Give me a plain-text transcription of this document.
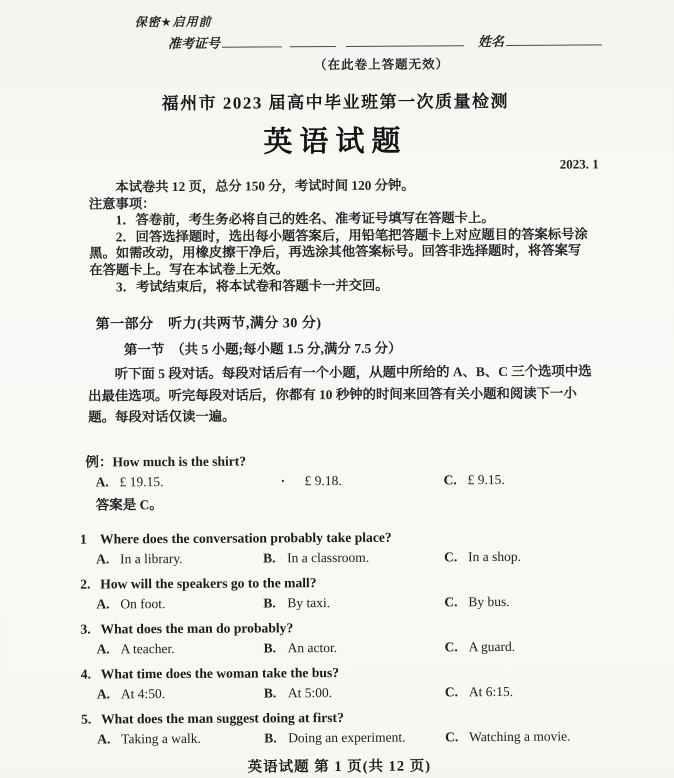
保密★启用前
准考证号	姓名
（在此卷上答题无效）
福州市 2023 届高中毕业班第一次质量检测
英语试题
2023. 1

本试卷共 12 页，总分 150 分，考试时间 120 分钟。

注意事项：

1．答卷前，考生务必将自己的姓名、准考证号填写在答题卡上。

2．回答选择题时，选出每小题答案后，用铅笔把答题卡上对应题目的答案标号涂黑。如需改动，用橡皮擦干净后，再选涂其他答案标号。回答非选择题时，将答案写在答题卡上。写在本试卷上无效。

3．考试结束后，将本试卷和答题卡一并交回。

第一部分　听力(共两节,满分 30 分)

第一节　（共 5 小题;每小题 1.5 分,满分 7.5 分）

听下面 5 段对话。每段对话后有一个小题，从题中所给的 A、B、C 三个选项中选出最佳选项。听完每段对话后，你都有 10 秒钟的时间来回答有关小题和阅读下一小题。每段对话仅读一遍。

例：How much is the shirt?

A. £ 19.15.	· £ 9.18.	C. £ 9.15.

答案是 C。

1 Where does the conversation probably take place?

A. In a library.	B. In a classroom.	C. In a shop.

2. How will the speakers go to the mall?

A. On foot.	B. By taxi.	C. By bus.

3. What does the man do probably?

A. A teacher.	B. An actor.	C. A guard.

4. What time does the woman take the bus?

A. At 4:50.	B. At 5:00.	C. At 6:15.

5. What does the man suggest doing at first?

A. Taking a walk.	B. Doing an experiment.	C. Watching a movie.
英语试题 第 1 页(共 12 页)
